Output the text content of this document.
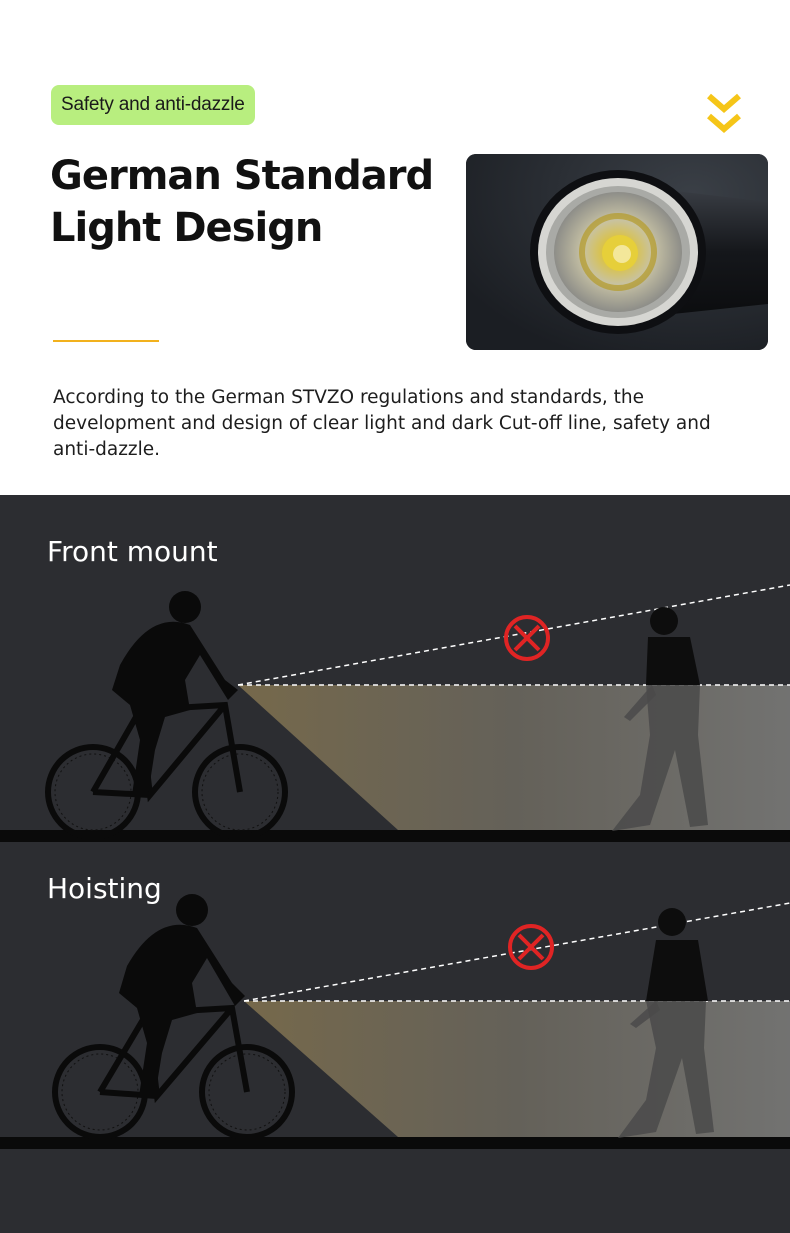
Safety and anti-dazzle
German Standard
Light Design
According to the German STVZO regulations and standards, the
development and design of clear light and dark Cut-off line, safety and
anti-dazzle.
Front mount
Hoisting
